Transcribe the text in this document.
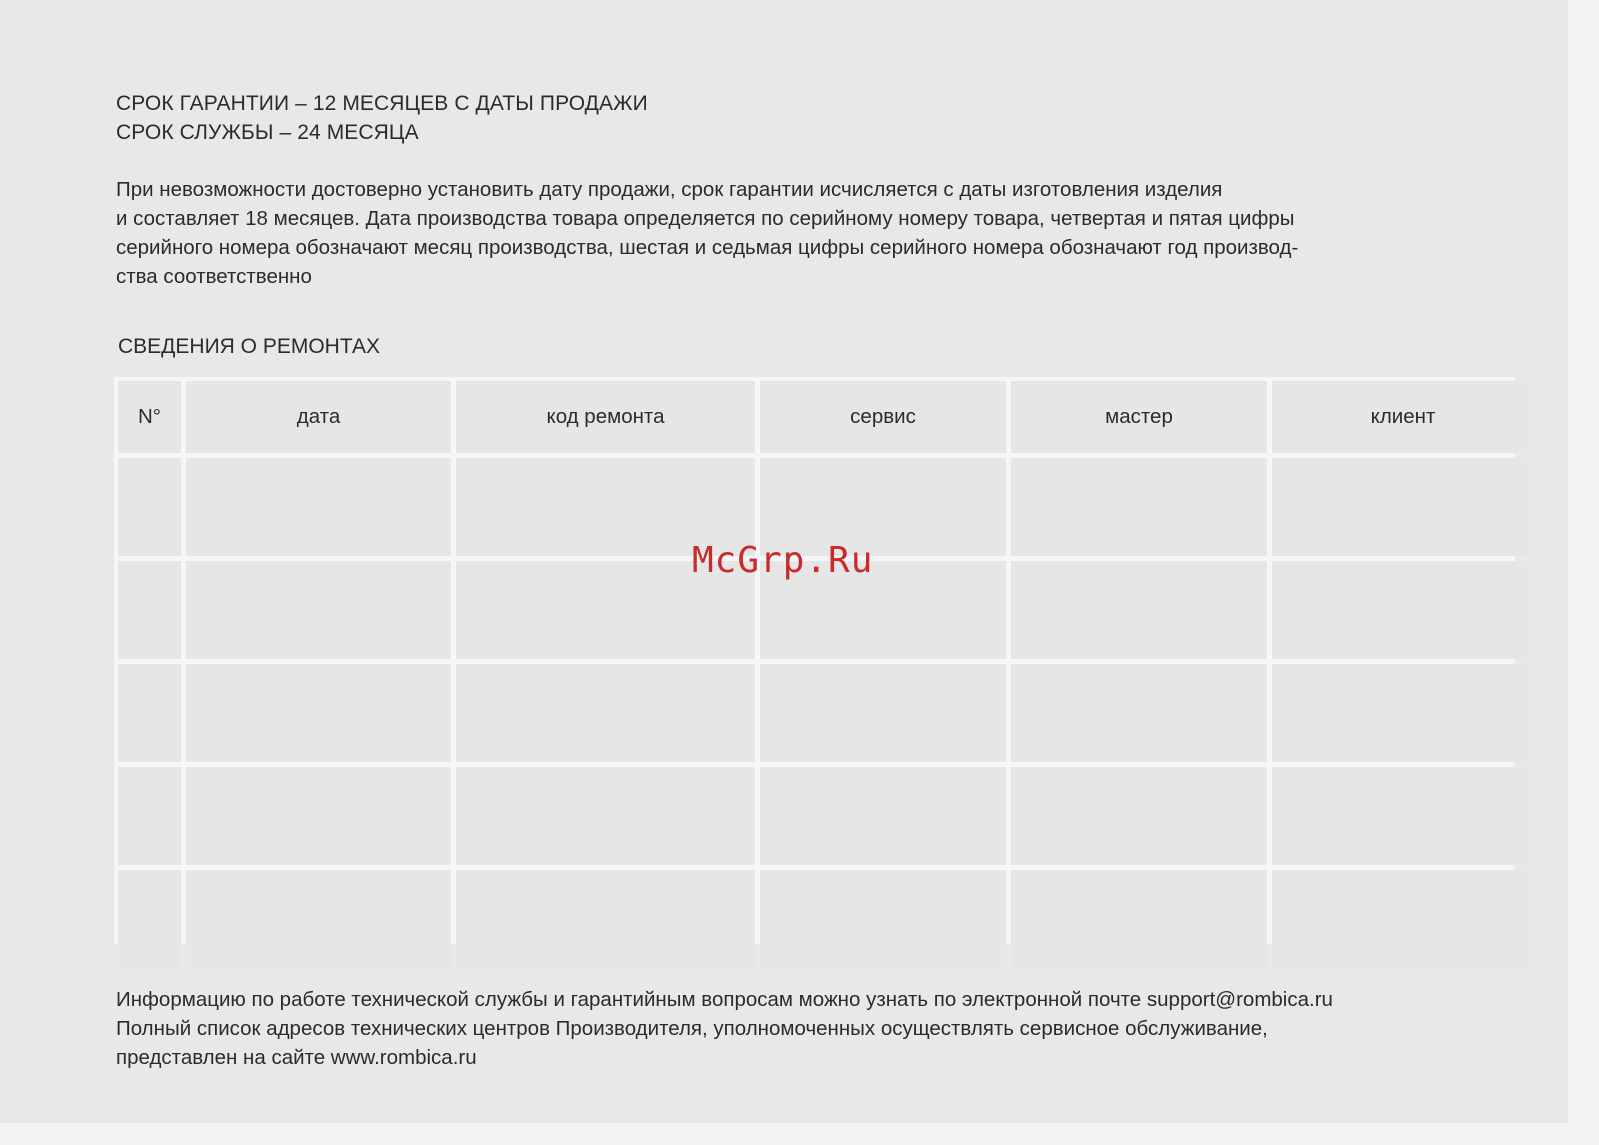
СРОК ГАРАНТИИ – 12 МЕСЯЦЕВ С ДАТЫ ПРОДАЖИ
СРОК СЛУЖБЫ – 24 МЕСЯЦА
При невозможности достоверно установить дату продажи, срок гарантии исчисляется с даты изготовления изделия
и составляет 18 месяцев. Дата производства товара определяется по серийному номеру товара, четвертая и пятая цифры
серийного номера обозначают месяц производства, шестая и седьмая цифры серийного номера обозначают год производ-
ства соответственно
СВЕДЕНИЯ О РЕМОНТАХ
N°	дата	код ремонта	сервис	мастер	клиент
McGrp.Ru
Информацию по работе технической службы и гарантийным вопросам можно узнать по электронной почте support@rombica.ru
Полный список адресов технических центров Производителя, уполномоченных осуществлять сервисное обслуживание,
представлен на сайте www.rombica.ru
